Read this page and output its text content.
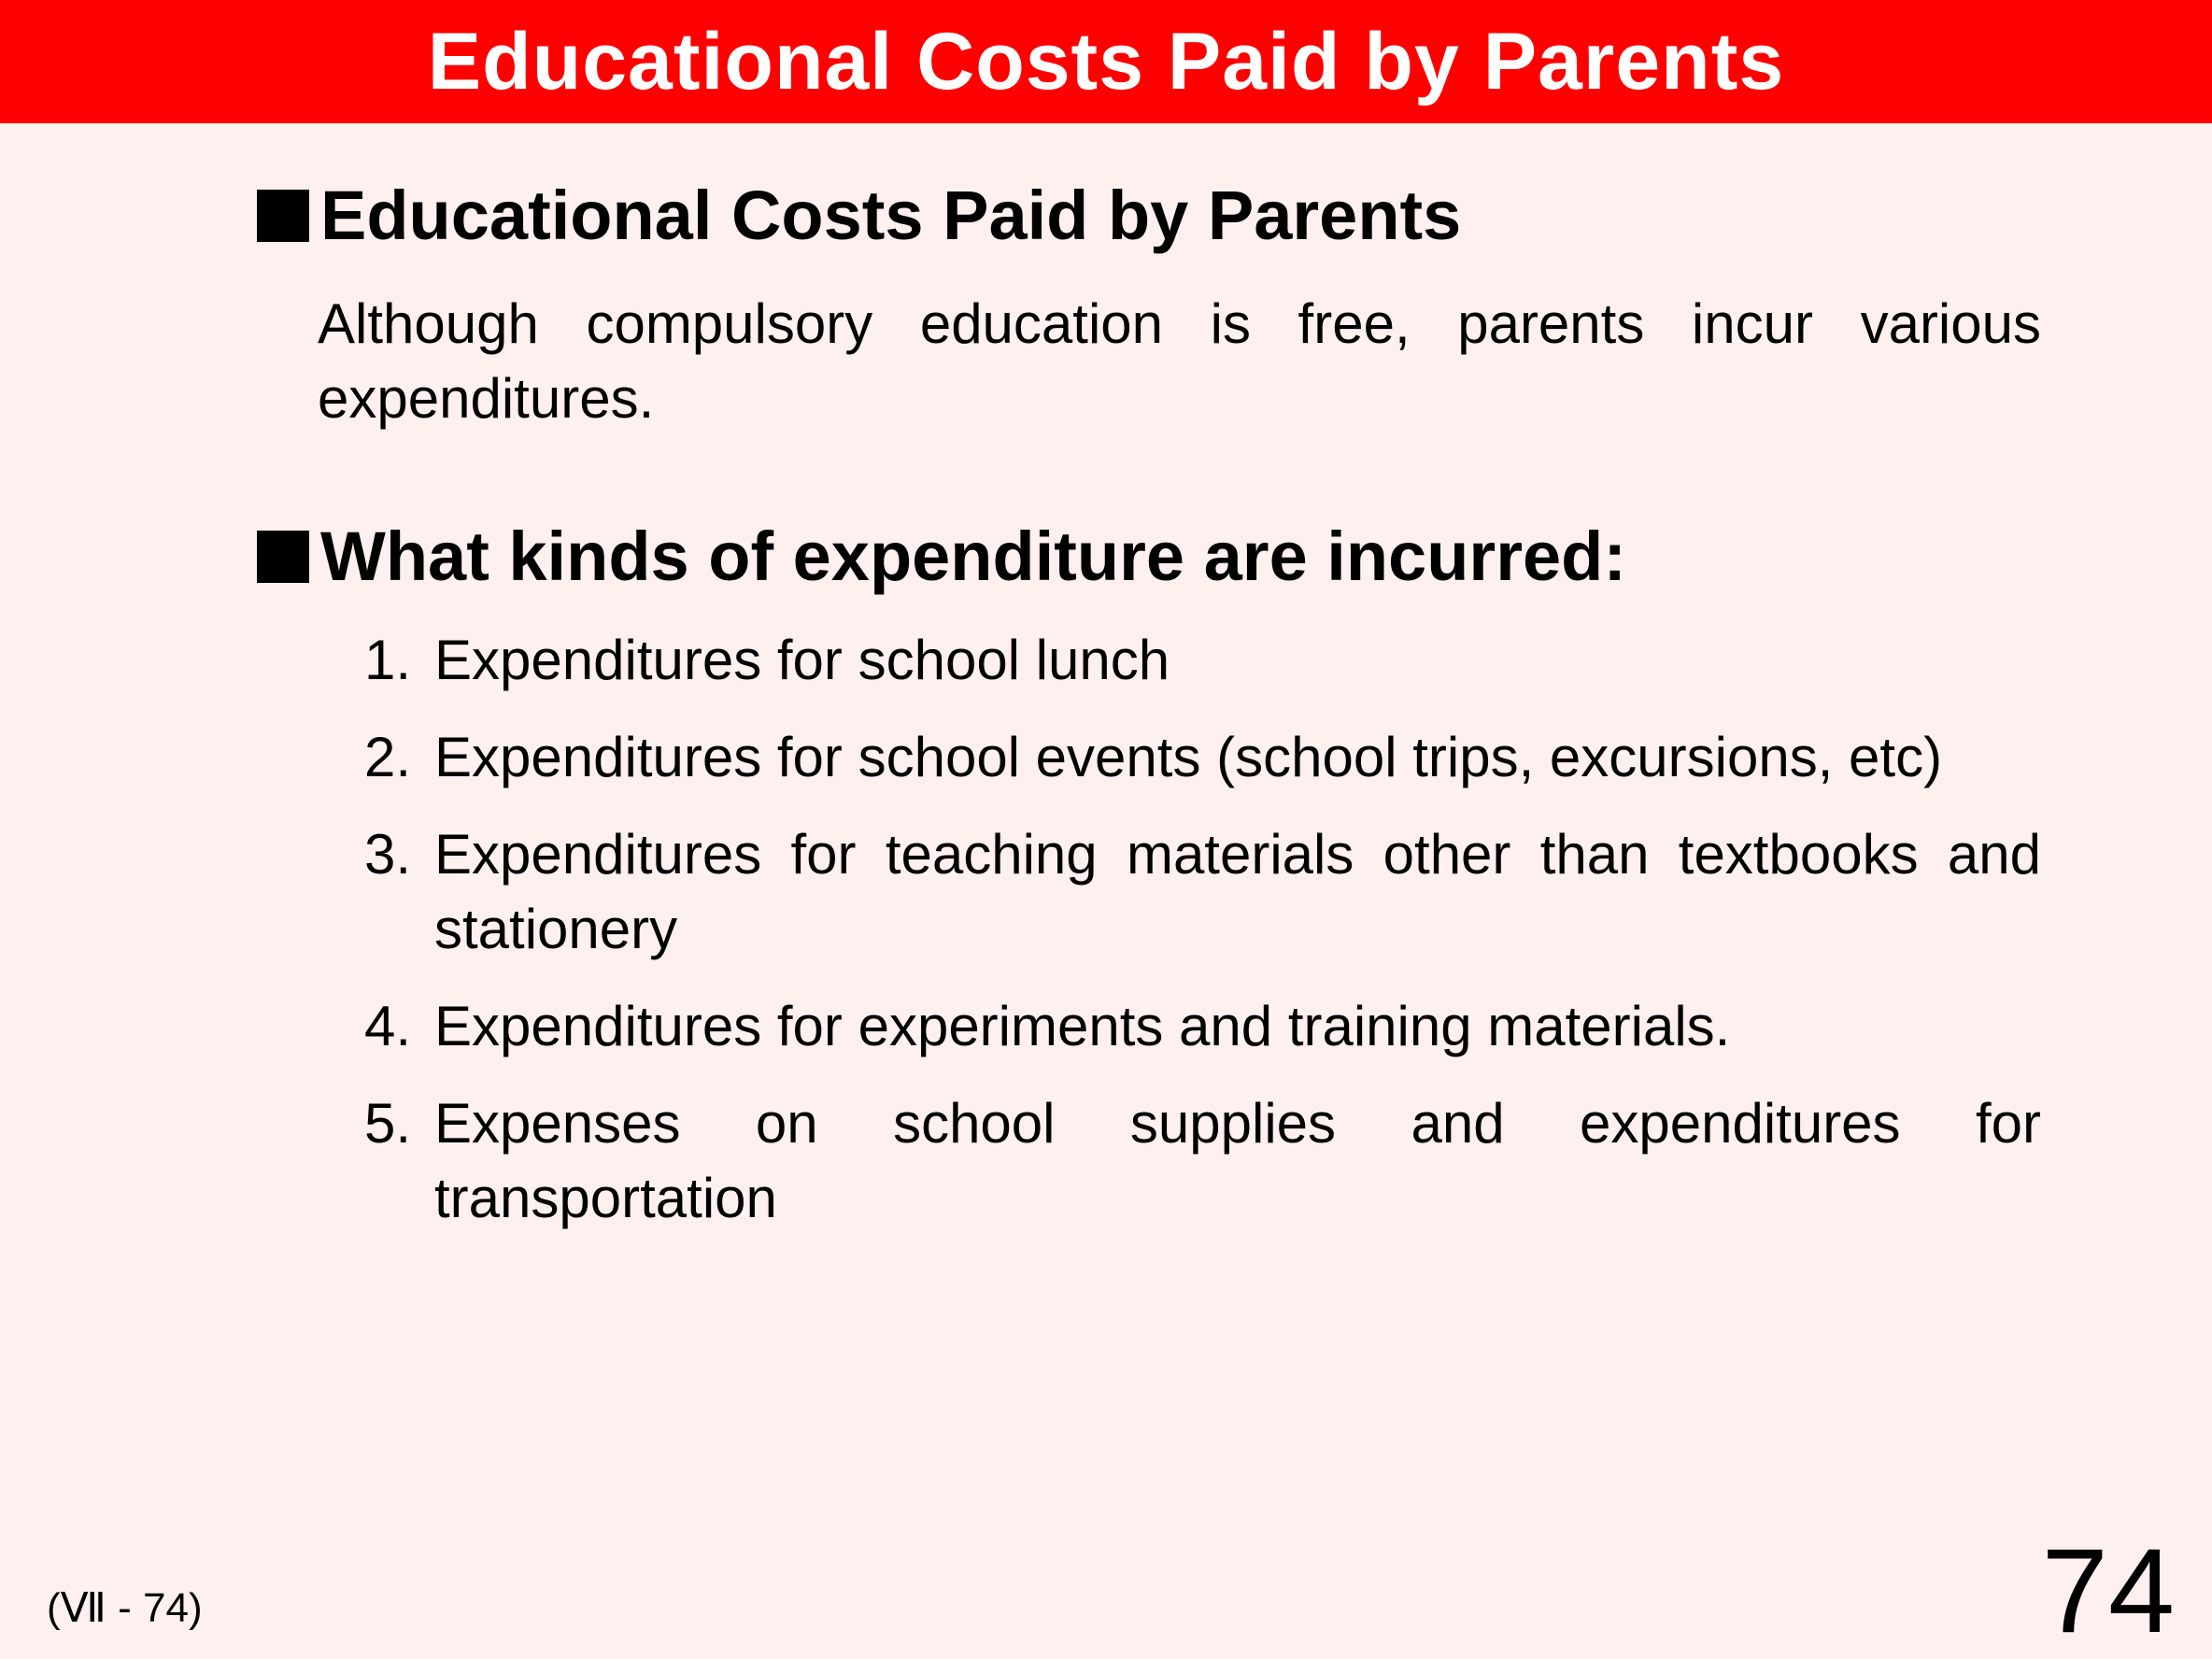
Educational Costs Paid by Parents
Educational Costs Paid by Parents

Although compulsory education is free, parents incur various expenditures.

What kinds of expenditure are incurred:
1. Expenditures for school lunch
2. Expenditures for school events (school trips, excursions, etc)
3. Expenditures for teaching materials other than textbooks and stationery
4. Expenditures for experiments and training materials.
5. Expenses on school supplies and expenditures for transportation
(Ⅶ - 74)	74
